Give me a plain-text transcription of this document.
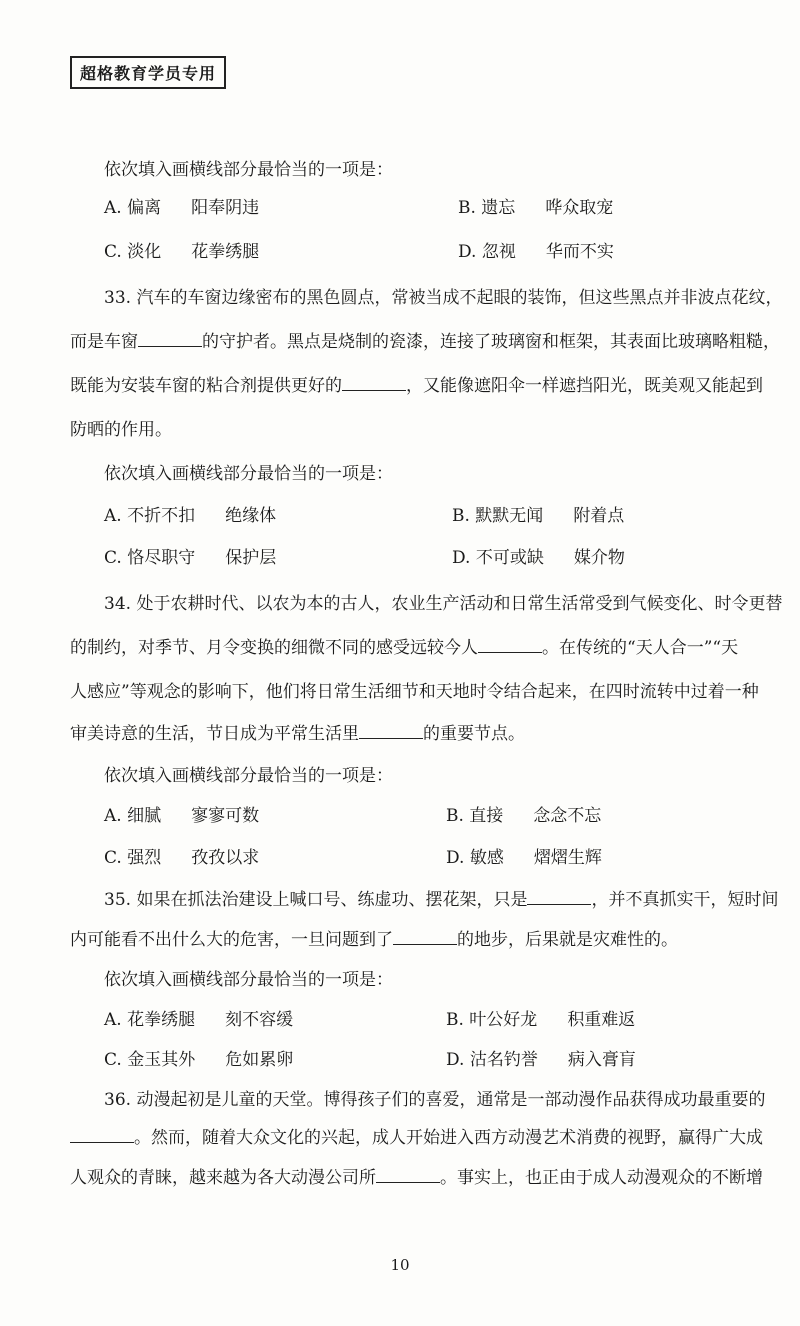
超格教育学员专用
依次填入画横线部分最恰当的一项是：
A. 偏离 阳奉阴违	B. 遗忘 哗众取宠
C. 淡化 花拳绣腿	D. 忽视 华而不实
33. 汽车的车窗边缘密布的黑色圆点，常被当成不起眼的装饰，但这些黑点并非波点花纹，
而是车窗	的守护者。黑点是烧制的瓷漆，连接了玻璃窗和框架，其表面比玻璃略粗糙，
既能为安装车窗的粘合剂提供更好的	，又能像遮阳伞一样遮挡阳光，既美观又能起到
防晒的作用。
依次填入画横线部分最恰当的一项是：
A. 不折不扣 绝缘体	B. 默默无闻 附着点
C. 恪尽职守 保护层	D. 不可或缺 媒介物
34. 处于农耕时代、以农为本的古人，农业生产活动和日常生活常受到气候变化、时令更替
的制约，对季节、月令变换的细微不同的感受远较今人	。在传统的“天人合一”“天
人感应”等观念的影响下，他们将日常生活细节和天地时令结合起来，在四时流转中过着一种
审美诗意的生活，节日成为平常生活里	的重要节点。
依次填入画横线部分最恰当的一项是：
A. 细腻 寥寥可数	B. 直接 念念不忘
C. 强烈 孜孜以求	D. 敏感 熠熠生辉
35. 如果在抓法治建设上喊口号、练虚功、摆花架，只是	，并不真抓实干，短时间
内可能看不出什么大的危害，一旦问题到了	的地步，后果就是灾难性的。
依次填入画横线部分最恰当的一项是：
A. 花拳绣腿 刻不容缓	B. 叶公好龙 积重难返
C. 金玉其外 危如累卵	D. 沽名钓誉 病入膏肓
36. 动漫起初是儿童的天堂。博得孩子们的喜爱，通常是一部动漫作品获得成功最重要的
。然而，随着大众文化的兴起，成人开始进入西方动漫艺术消费的视野，赢得广大成
人观众的青睐，越来越为各大动漫公司所	。事实上，也正由于成人动漫观众的不断增
10
